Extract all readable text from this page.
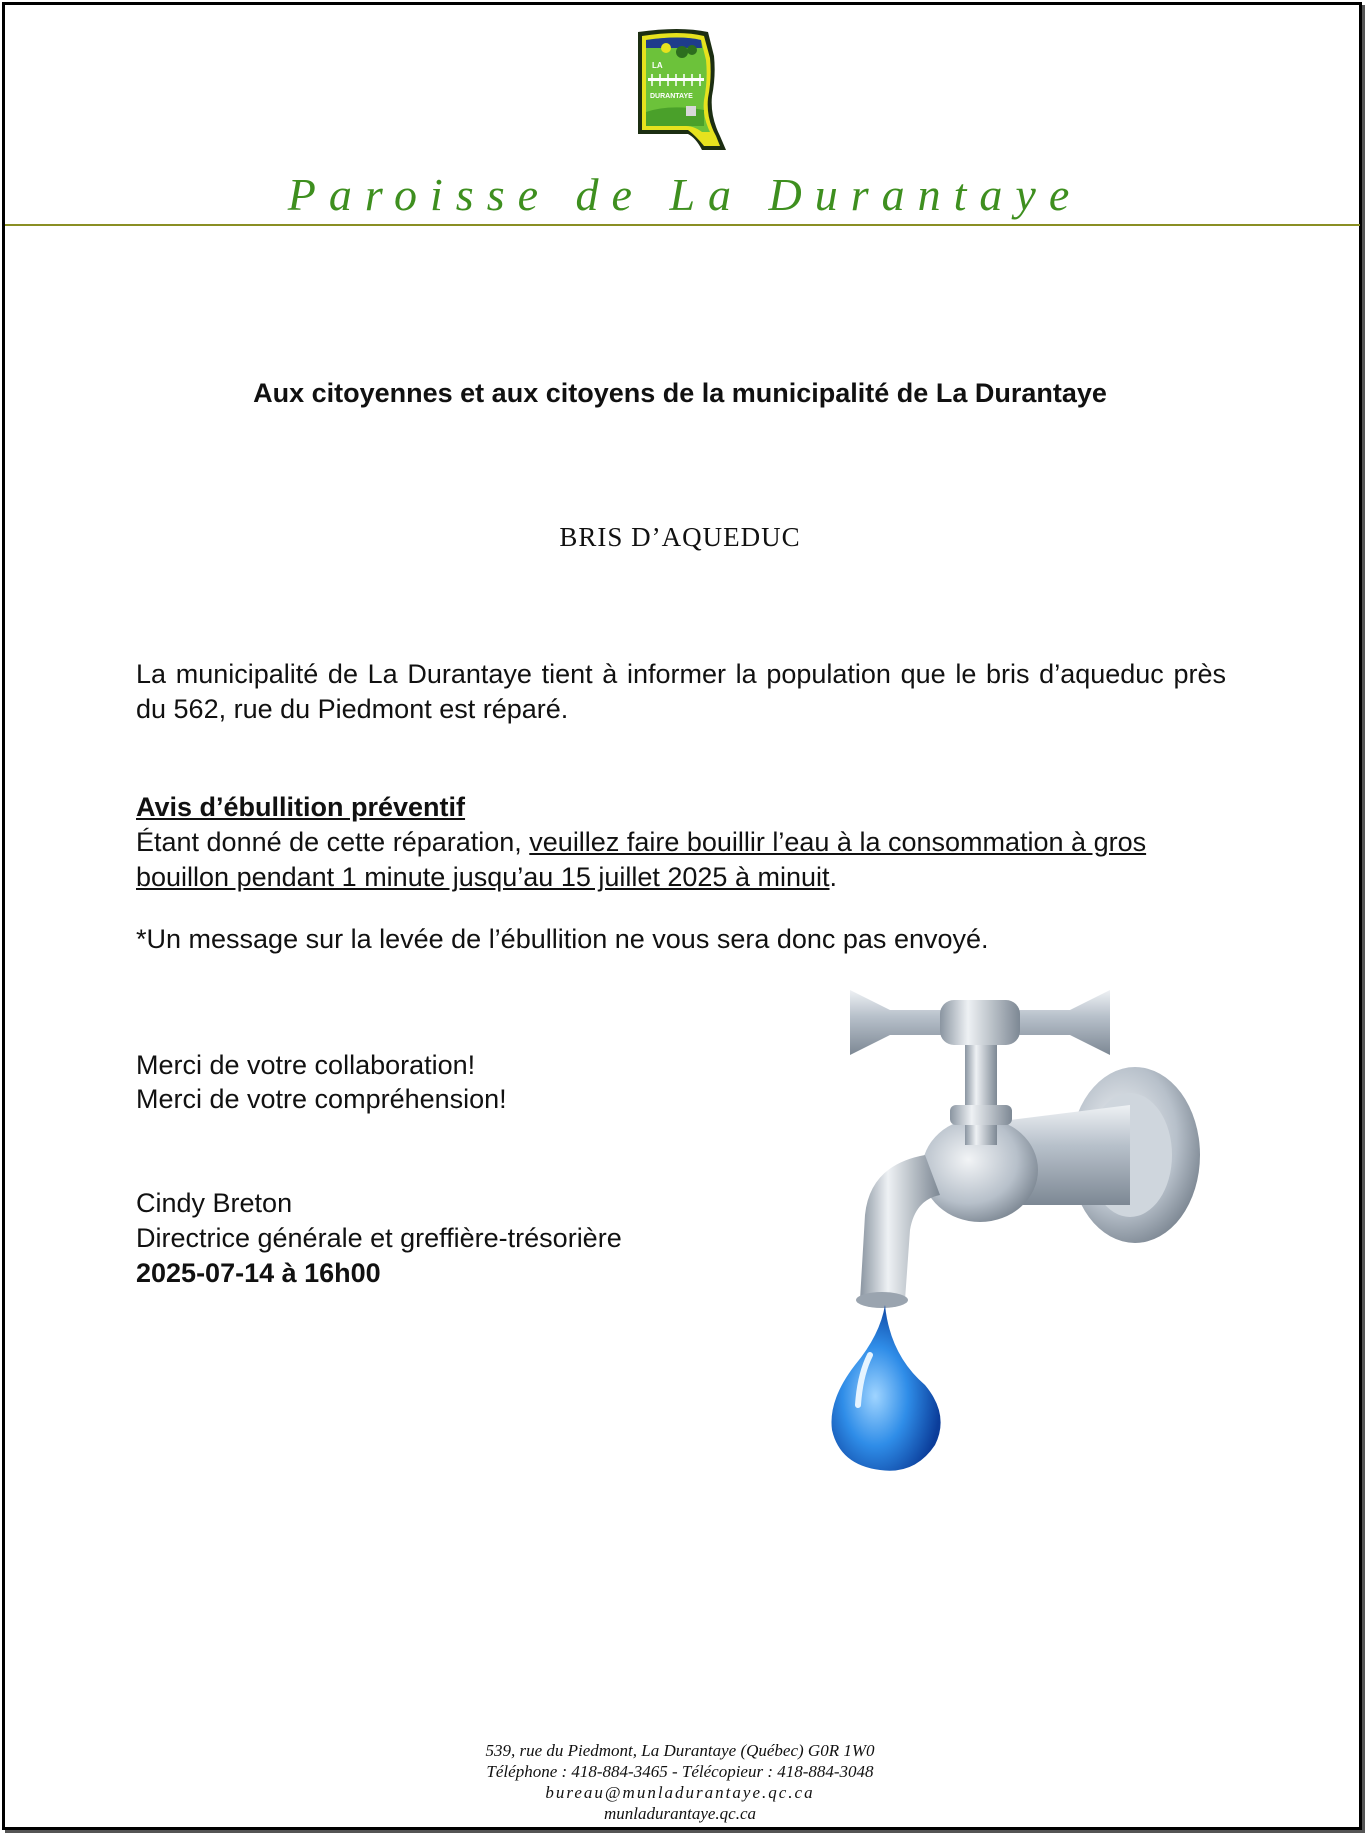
LA
DURANTAYE
Paroisse de La Durantaye
Aux citoyennes et aux citoyens de la municipalité de La Durantaye
BRIS D’AQUEDUC
La municipalité de La Durantaye tient à informer la population que le bris d’aqueduc près du 562, rue du Piedmont est réparé.
Avis d’ébullition préventif
Étant donné de cette réparation, veuillez faire bouillir l’eau à la consommation à gros bouillon pendant 1 minute jusqu’au 15 juillet 2025 à minuit.
*Un message sur la levée de l’ébullition ne vous sera donc pas envoyé.
Merci de votre collaboration!
Merci de votre compréhension!
Cindy Breton
Directrice générale et greffière-trésorière
2025-07-14 à 16h00
539, rue du Piedmont, La Durantaye (Québec) G0R 1W0
Téléphone : 418-884-3465 - Télécopieur : 418-884-3048
bureau@munladurantaye.qc.ca
munladurantaye.qc.ca
